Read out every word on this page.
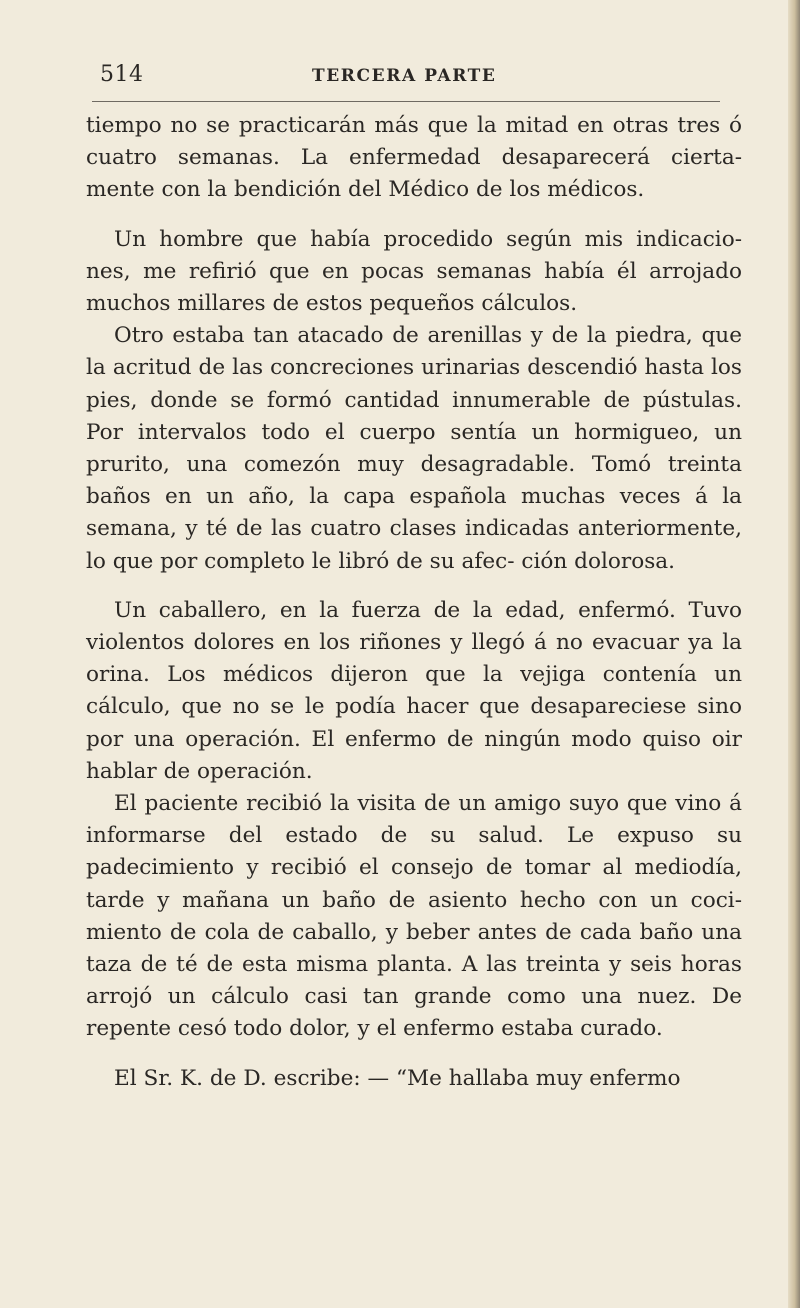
514	TERCERA PARTE

tiempo no se practicarán más que la mitad en otras tres ó cuatro semanas. La enfermedad desaparecerá cierta- mente con la bendición del Médico de los médicos.

Un hombre que había procedido según mis indicacio- nes, me refirió que en pocas semanas había él arrojado muchos millares de estos pequeños cálculos.

Otro estaba tan atacado de arenillas y de la piedra, que la acritud de las concreciones urinarias descendió hasta los pies, donde se formó cantidad innumerable de pústulas. Por intervalos todo el cuerpo sentía un hormigueo, un prurito, una comezón muy desagradable. Tomó treinta baños en un año, la capa española muchas veces á la semana, y té de las cuatro clases indicadas anteriormente, lo que por completo le libró de su afec- ción dolorosa.

Un caballero, en la fuerza de la edad, enfermó. Tuvo violentos dolores en los riñones y llegó á no evacuar ya la orina. Los médicos dijeron que la vejiga contenía un cálculo, que no se le podía hacer que desapareciese sino por una operación. El enfermo de ningún modo quiso oir hablar de operación.

El paciente recibió la visita de un amigo suyo que vino á informarse del estado de su salud. Le expuso su padecimiento y recibió el consejo de tomar al mediodía, tarde y mañana un baño de asiento hecho con un coci- miento de cola de caballo, y beber antes de cada baño una taza de té de esta misma planta. A las treinta y seis horas arrojó un cálculo casi tan grande como una nuez. De repente cesó todo dolor, y el enfermo estaba curado.

El Sr. K. de D. escribe: — “Me hallaba muy enfermo
